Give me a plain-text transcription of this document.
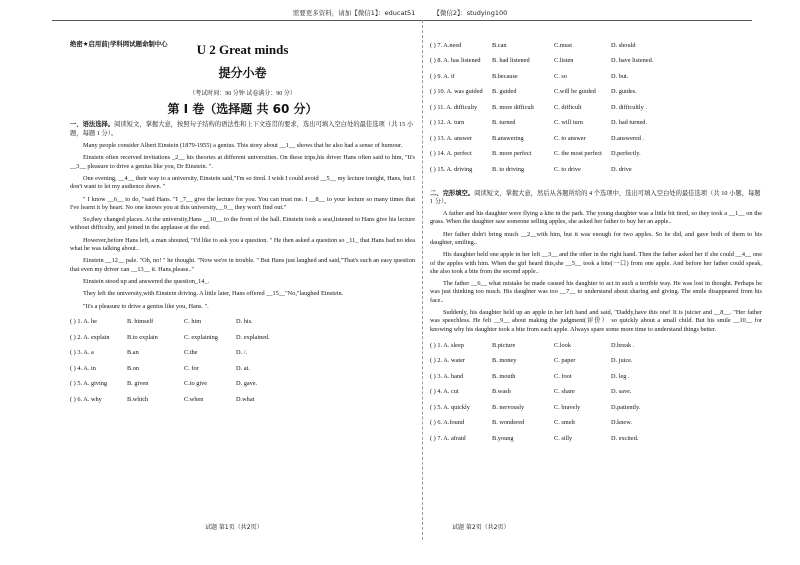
需要更多资料，请加【微信1】：educat51	【微信2】：studying100
绝密★启用前|学科网试题命制中心	U 2 Great minds
提分小卷
（考试时间：90 分钟 试卷满分：90 分）
第 I 卷（选择题 共 60 分）
一、语法选择。阅读短文，掌握大意，按照句子结构的语法性和上下文连贯的要求，选出可填入空白处的最佳选项（共 15 小题，每题 1 分）。

Many people consider Albert Einstein (1879-1955) a genius. This story about __1__ shows that he also had a sense of humour.

Einstein often received invitations _2__ his theories at different universities. On these trips,his driver Hans often said to him, "It's __3__ pleasure to drive a genius like you, Dr Einstein. ".

One evening, __4__ their way to a university, Einstein said,"I'm so tired. I wish I could avoid __5__ my lecture tonight, Hans, but I don't want to let my audience down. "

" I know __6__ to do, "said Hans. "I _7__ give the lecture for you. You can trust me. I __8__ to your lecture so many times that I've learnt it by heart. No one knows you at this university,__9__ they won't find out."

So,they changed places. At the university,Hans __10__ to the front of the hall. Einstein took a seat,listened to Hans give his lecture without difficulty, and joined in the applause at the end.

However,before Hans left, a man shouted, "I'd like to ask you a question. " He then asked a question so _11_ that Hans had no idea what he was talking about..

Einstein __12__ pale. "Oh, no! " he thought. "Now we're in trouble. " But Hans just laughed and said,"That's such an easy question that even my driver can __13__ it. Hans,please.."

Einstein stood up and answered the question_14_.

They left the university,with Einstein driving. A little later, Hans offered __15__"No,"laughed Einstein.

"It's a pleasure to drive a genius like you, Hans. ".

( ) 1. A. he	B. himself	C. him	D. his.
( ) 2. A. explain	B.to explain	C. explaining	D. explained.
( ) 3. A. a	B.an	C.the	D. /.
( ) 4. A. in	B.on	C. for	D. at.
( ) 5. A. giving	B. given	C.to give	D. gave.
( ) 6. A. why	B.which	C.when	D.what
( ) 7. A.need	B.can	C.must	D. should
( ) 8. A. has listened	B. had listened	C.listen	D. have listened.
( ) 9. A. if	B.because	C. so	D. but.
( ) 10. A. was guided	B. guided	C.will be guided	D. guides.
( ) 11. A. difficulty	B. more difficult	C. difficult	D. difficultly .
( ) 12. A. turn	B. turned	C. will turn	D. had turned.
( ) 13. A. answer	B.answering	C. to answer	D.answered .
( ) 14. A. perfect	B. more perfect	C. the most perfect	D.perfectly.
( ) 15. A. driving	B. to driving	C. to drive	D. drive
二、完形填空。阅读短文，掌握大意，然后从各题所给的 4 个选项中，选出可填入空白处的最佳选项（共 10 小题，每题 1 分）。

A father and his daughter were flying a kite in the park. The young daughter was a little bit tired, so they took a __1__ on the grass. When the daughter saw someone selling apples, she asked her father to buy her an apple..

Her father didn't bring much __2__with him, but it was enough for two apples. So he did, and gave both of them to his daughter, smiling..

His daughter held one apple in her left __3__ and the other in the right hand. Then the father asked her if she could __4__ one of the apples with him. When the girl heard this,she __5__ took a bite(一口) from one apple. And before her father could speak, she also took a bite from the second apple..

The father __6__ what mistake he made caused his daughter to act in such a terrible way. He was lost in thought. Perhaps he was just thinking too much. His daughter was too __7__ to understand about sharing and giving. The smile disappeared from his face..

Suddenly, his daughter held up an apple in her left hand and said, "Daddy,have this one! It is juicier and __8__. "Her father was speechless. He felt __9__ about making the judgment(评价） so quickly about a small child. But his smile __10__ for knowing why his daughter took a bite from each apple. Always spare some more time to understand things better.

( ) 1. A. sleep	B.picture	C.look	D.break .
( ) 2. A. water	B. money	C. paper	D. juice.
( ) 3. A. hand	B. mouth	C. foot	D. leg .
( ) 4. A. cut	B.wash	C. share	D. save.
( ) 5. A. quickly	B. nervously	C. bravely	D.patiently.
( ) 6. A.found	B. wondered	C. smelt	D.knew.
( ) 7. A. afraid	B.young	C. silly	D. excited.
试题 第1页（共2页）	试题 第2页（共2页）
